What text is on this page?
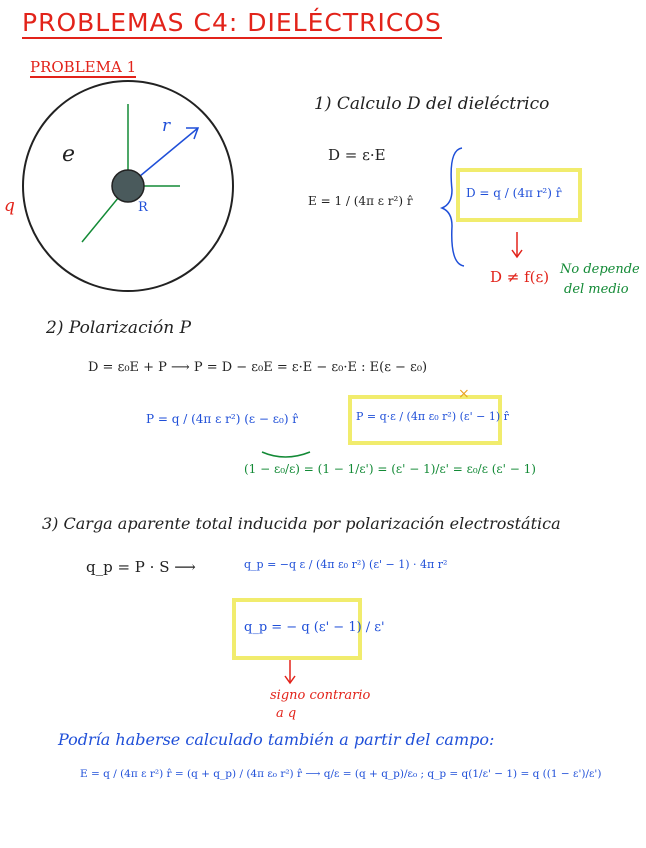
PROBLEMAS C4: DIELÉCTRICOS
PROBLEMA 1
e
r
R
q
1) Calculo D del dieléctrico
D = ε·E
E = 1 / (4π ε r²) r̂
D = q / (4π r²) r̂
D ≠ f(ε) No depende
del medio
2) Polarización P
D = ε₀E + P ⟶ P = D − ε₀E = ε·E − ε₀·E : E(ε − ε₀)
P = q / (4π ε r²) (ε − ε₀) r̂	P = q·ε / (4π ε₀ r²) (ε' − 1) r̂
×
(1 − ε₀/ε) = (1 − 1/ε') = (ε' − 1)/ε' = ε₀/ε (ε' − 1)
3) Carga aparente total inducida por polarización electrostática
q_p = P · S ⟶	q_p = −q ε / (4π ε₀ r²) (ε' − 1) · 4π r²
q_p = − q (ε' − 1) / ε'
signo contrario
a q
Podría haberse calculado también a partir del campo:
E = q / (4π ε r²) r̂ = (q + q_p) / (4π ε₀ r²) r̂ ⟶ q/ε = (q + q_p)/ε₀ ; q_p = q(1/ε' − 1) = q ((1 − ε')/ε')
